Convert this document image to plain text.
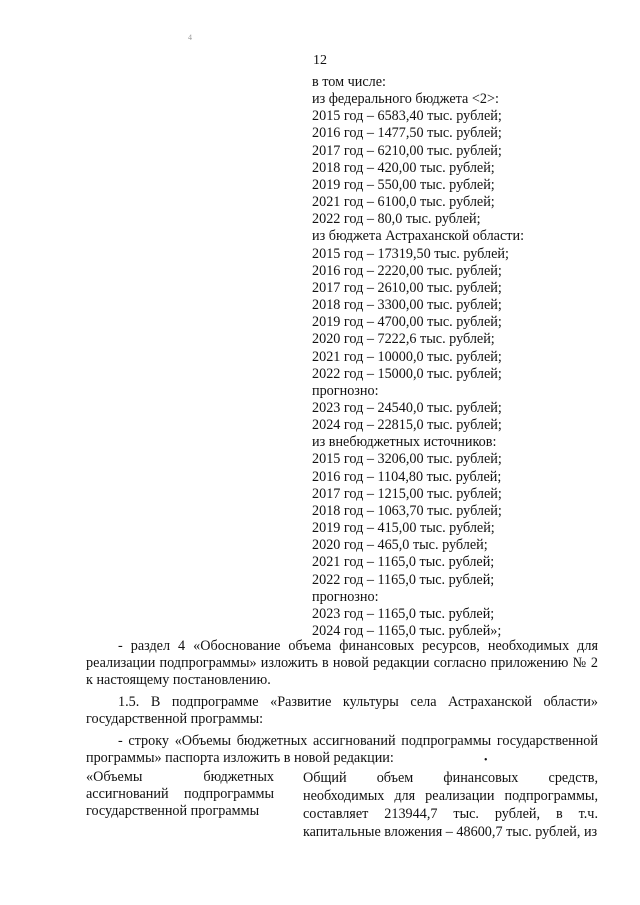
12
4
в том числе:
из федерального бюджета <2>:
2015 год – 6583,40 тыс. рублей;
2016 год – 1477,50 тыс. рублей;
2017 год – 6210,00 тыс. рублей;
2018 год – 420,00 тыс. рублей;
2019 год – 550,00 тыс. рублей;
2021 год – 6100,0 тыс. рублей;
2022 год – 80,0 тыс. рублей;
из бюджета Астраханской области:
2015 год – 17319,50 тыс. рублей;
2016 год – 2220,00 тыс. рублей;
2017 год – 2610,00 тыс. рублей;
2018 год – 3300,00 тыс. рублей;
2019 год – 4700,00 тыс. рублей;
2020 год – 7222,6 тыс. рублей;
2021 год – 10000,0 тыс. рублей;
2022 год – 15000,0 тыс. рублей;
прогнозно:
2023 год – 24540,0 тыс. рублей;
2024 год – 22815,0 тыс. рублей;
из внебюджетных источников:
2015 год – 3206,00 тыс. рублей;
2016 год – 1104,80 тыс. рублей;
2017 год – 1215,00 тыс. рублей;
2018 год – 1063,70 тыс. рублей;
2019 год – 415,00 тыс. рублей;
2020 год – 465,0 тыс. рублей;
2021 год – 1165,0 тыс. рублей;
2022 год – 1165,0 тыс. рублей;
прогнозно:
2023 год – 1165,0 тыс. рублей;
2024 год – 1165,0 тыс. рублей»;

- раздел 4 «Обоснование объема финансовых ресурсов, необходимых для реализации подпрограммы» изложить в новой редакции согласно приложению № 2 к настоящему постановлению.

1.5. В подпрограмме «Развитие культуры села Астраханской области» государственной программы:

- строку «Объемы бюджетных ассигнований подпрограммы государственной программы» паспорта изложить в новой редакции:	•
«Объемы бюджетных ассигнований подпрограммы государственной программы
Общий объем финансовых средств, необходимых для реализации подпрограммы, составляет 213944,7 тыс. рублей, в т.ч. капитальные вложения – 48600,7 тыс. рублей, из
